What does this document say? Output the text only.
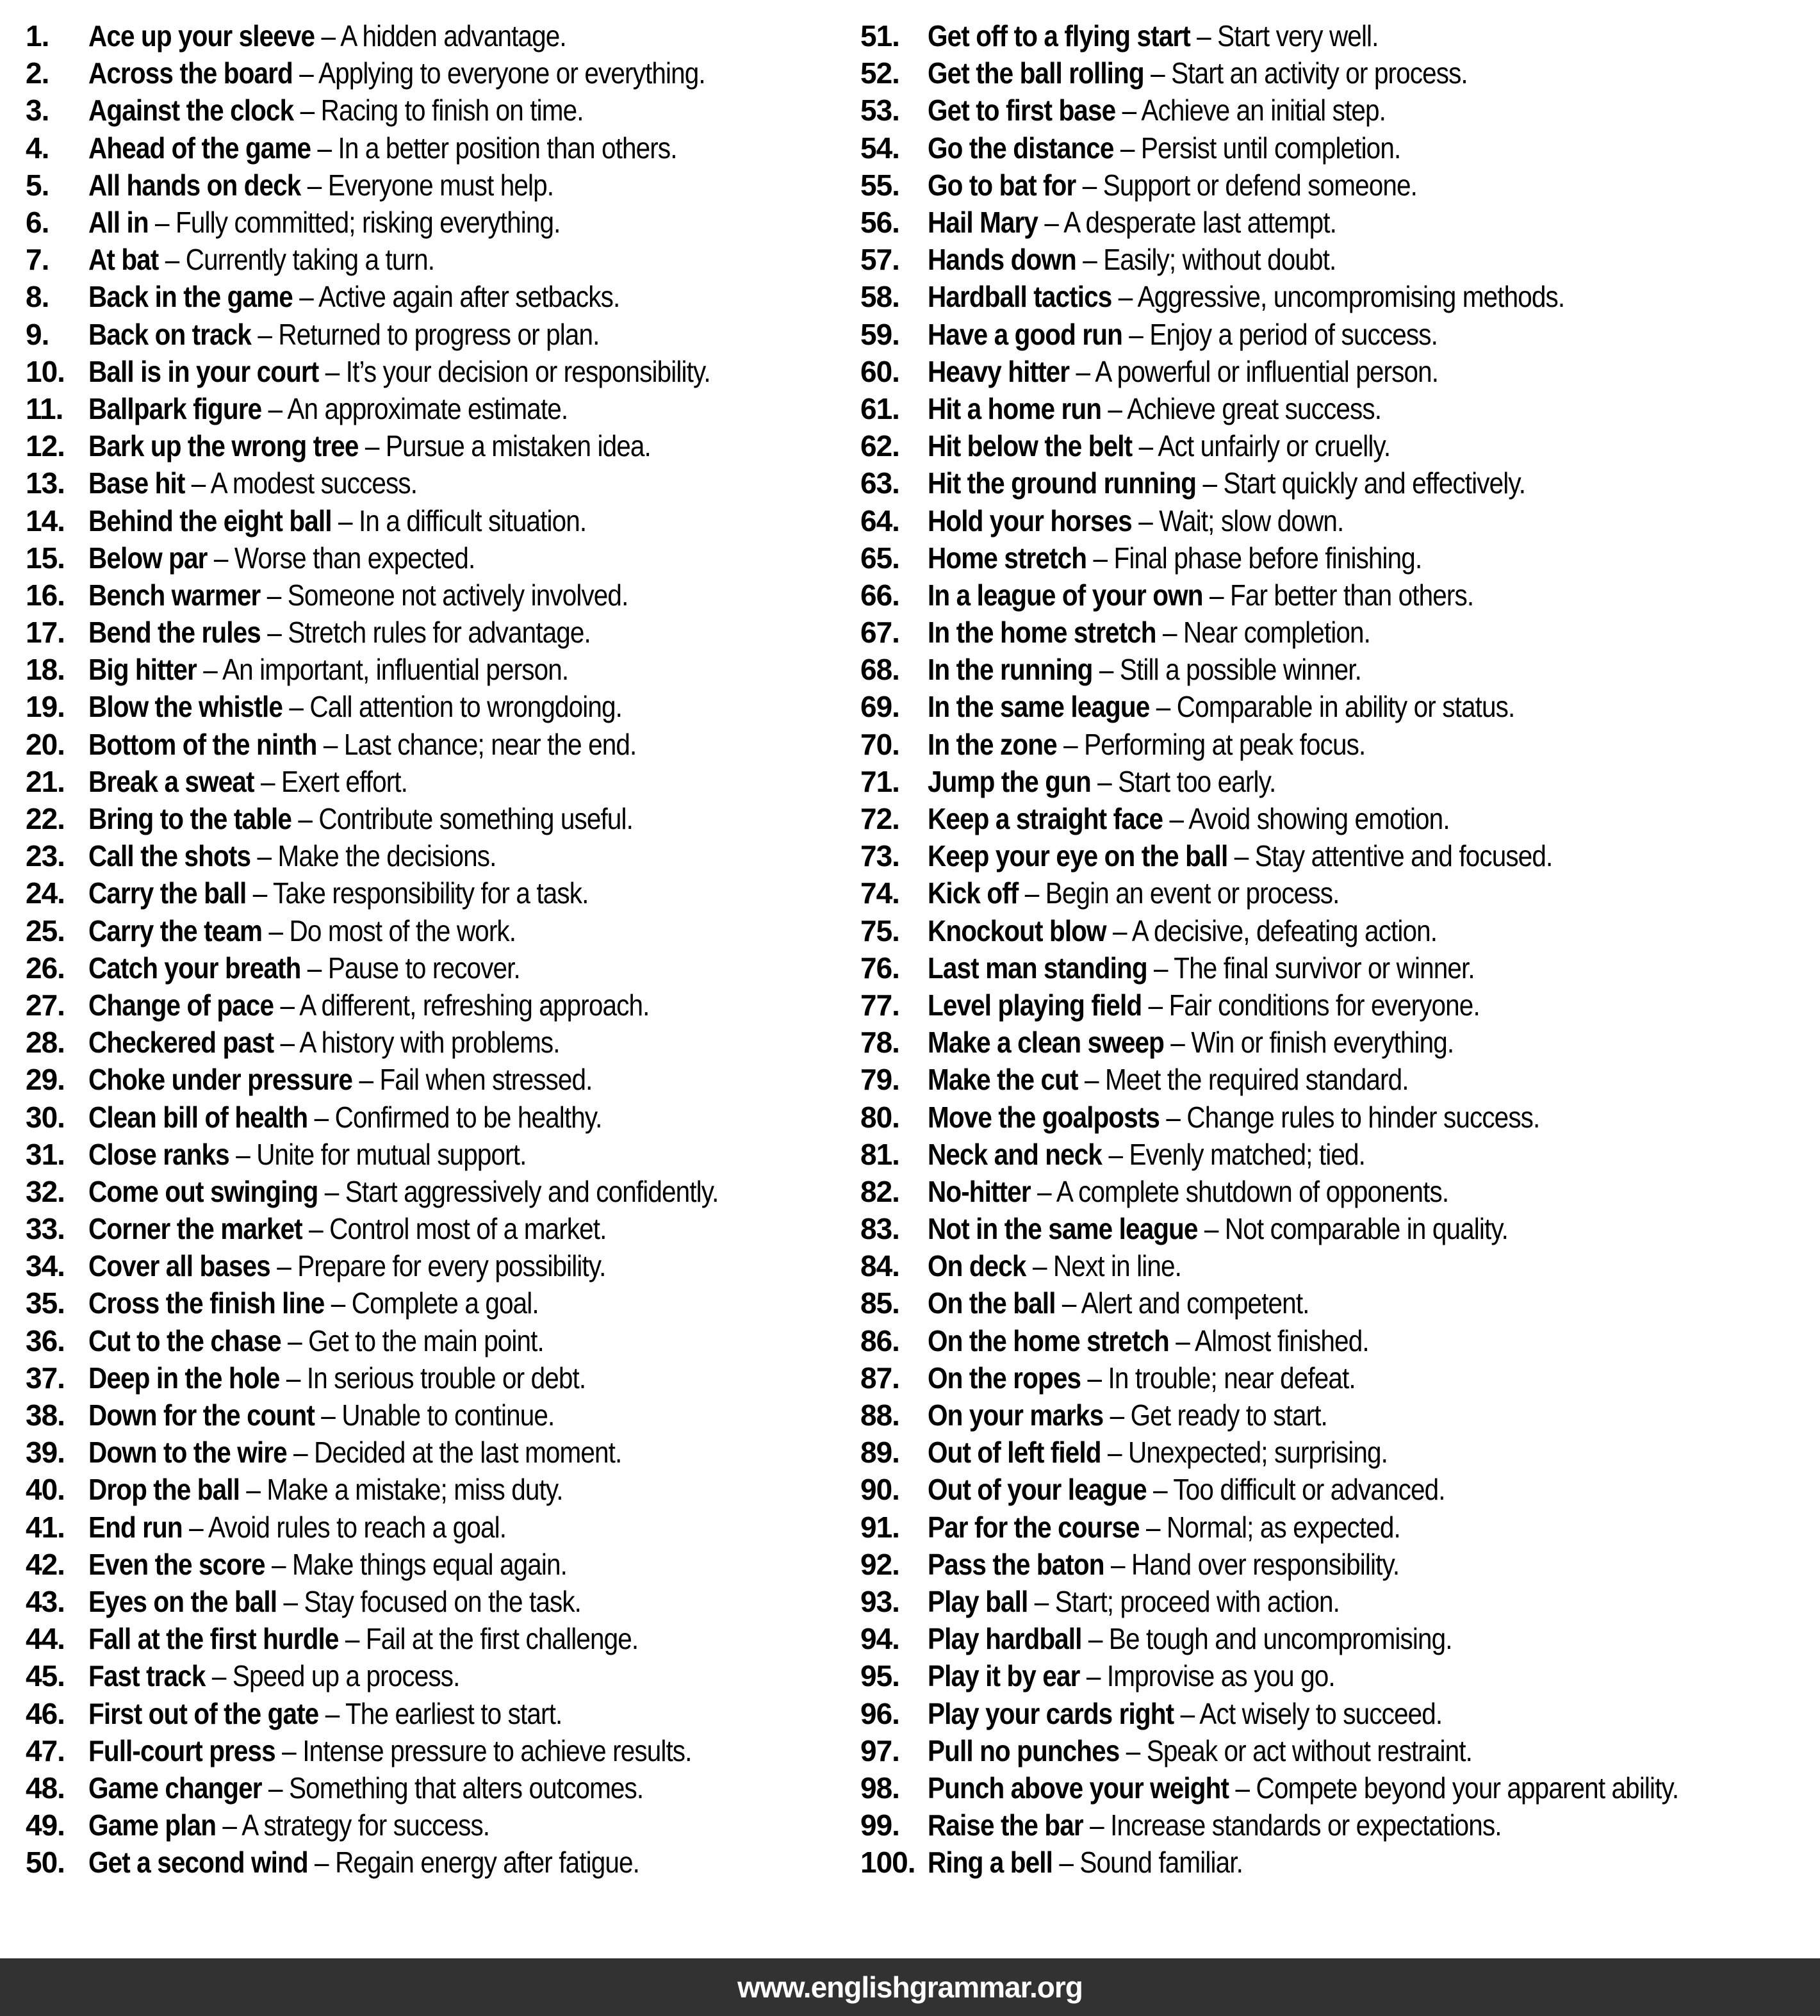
1.	Ace up your sleeve – A hidden advantage.
2.	Across the board – Applying to everyone or everything.
3.	Against the clock – Racing to finish on time.
4.	Ahead of the game – In a better position than others.
5.	All hands on deck – Everyone must help.
6.	All in – Fully committed; risking everything.
7.	At bat – Currently taking a turn.
8.	Back in the game – Active again after setbacks.
9.	Back on track – Returned to progress or plan.
10. Ball is in your court – It’s your decision or responsibility.
11. Ballpark figure – An approximate estimate.
12. Bark up the wrong tree – Pursue a mistaken idea.
13. Base hit – A modest success.
14. Behind the eight ball – In a difficult situation.
15. Below par – Worse than expected.
16. Bench warmer – Someone not actively involved.
17. Bend the rules – Stretch rules for advantage.
18. Big hitter – An important, influential person.
19. Blow the whistle – Call attention to wrongdoing.
20. Bottom of the ninth – Last chance; near the end.
21. Break a sweat – Exert effort.
22. Bring to the table – Contribute something useful.
23. Call the shots – Make the decisions.
24. Carry the ball – Take responsibility for a task.
25. Carry the team – Do most of the work.
26. Catch your breath – Pause to recover.
27. Change of pace – A different, refreshing approach.
28. Checkered past – A history with problems.
29. Choke under pressure – Fail when stressed.
30. Clean bill of health – Confirmed to be healthy.
31. Close ranks – Unite for mutual support.
32. Come out swinging – Start aggressively and confidently.
33. Corner the market – Control most of a market.
34. Cover all bases – Prepare for every possibility.
35. Cross the finish line – Complete a goal.
36. Cut to the chase – Get to the main point.
37. Deep in the hole – In serious trouble or debt.
38. Down for the count – Unable to continue.
39. Down to the wire – Decided at the last moment.
40. Drop the ball – Make a mistake; miss duty.
41. End run – Avoid rules to reach a goal.
42. Even the score – Make things equal again.
43. Eyes on the ball – Stay focused on the task.
44. Fall at the first hurdle – Fail at the first challenge.
45. Fast track – Speed up a process.
46. First out of the gate – The earliest to start.
47. Full-court press – Intense pressure to achieve results.
48. Game changer – Something that alters outcomes.
49. Game plan – A strategy for success.
50. Get a second wind – Regain energy after fatigue.
51. Get off to a flying start – Start very well.
52. Get the ball rolling – Start an activity or process.
53. Get to first base – Achieve an initial step.
54. Go the distance – Persist until completion.
55. Go to bat for – Support or defend someone.
56. Hail Mary – A desperate last attempt.
57. Hands down – Easily; without doubt.
58. Hardball tactics – Aggressive, uncompromising methods.
59. Have a good run – Enjoy a period of success.
60. Heavy hitter – A powerful or influential person.
61. Hit a home run – Achieve great success.
62. Hit below the belt – Act unfairly or cruelly.
63. Hit the ground running – Start quickly and effectively.
64. Hold your horses – Wait; slow down.
65. Home stretch – Final phase before finishing.
66. In a league of your own – Far better than others.
67. In the home stretch – Near completion.
68. In the running – Still a possible winner.
69. In the same league – Comparable in ability or status.
70. In the zone – Performing at peak focus.
71. Jump the gun – Start too early.
72. Keep a straight face – Avoid showing emotion.
73. Keep your eye on the ball – Stay attentive and focused.
74. Kick off – Begin an event or process.
75. Knockout blow – A decisive, defeating action.
76. Last man standing – The final survivor or winner.
77. Level playing field – Fair conditions for everyone.
78. Make a clean sweep – Win or finish everything.
79. Make the cut – Meet the required standard.
80. Move the goalposts – Change rules to hinder success.
81. Neck and neck – Evenly matched; tied.
82. No-hitter – A complete shutdown of opponents.
83. Not in the same league – Not comparable in quality.
84. On deck – Next in line.
85. On the ball – Alert and competent.
86. On the home stretch – Almost finished.
87. On the ropes – In trouble; near defeat.
88. On your marks – Get ready to start.
89. Out of left field – Unexpected; surprising.
90. Out of your league – Too difficult or advanced.
91. Par for the course – Normal; as expected.
92. Pass the baton – Hand over responsibility.
93. Play ball – Start; proceed with action.
94. Play hardball – Be tough and uncompromising.
95. Play it by ear – Improvise as you go.
96. Play your cards right – Act wisely to succeed.
97. Pull no punches – Speak or act without restraint.
98. Punch above your weight – Compete beyond your apparent ability.
99. Raise the bar – Increase standards or expectations.
100. Ring a bell – Sound familiar.
www.englishgrammar.org
